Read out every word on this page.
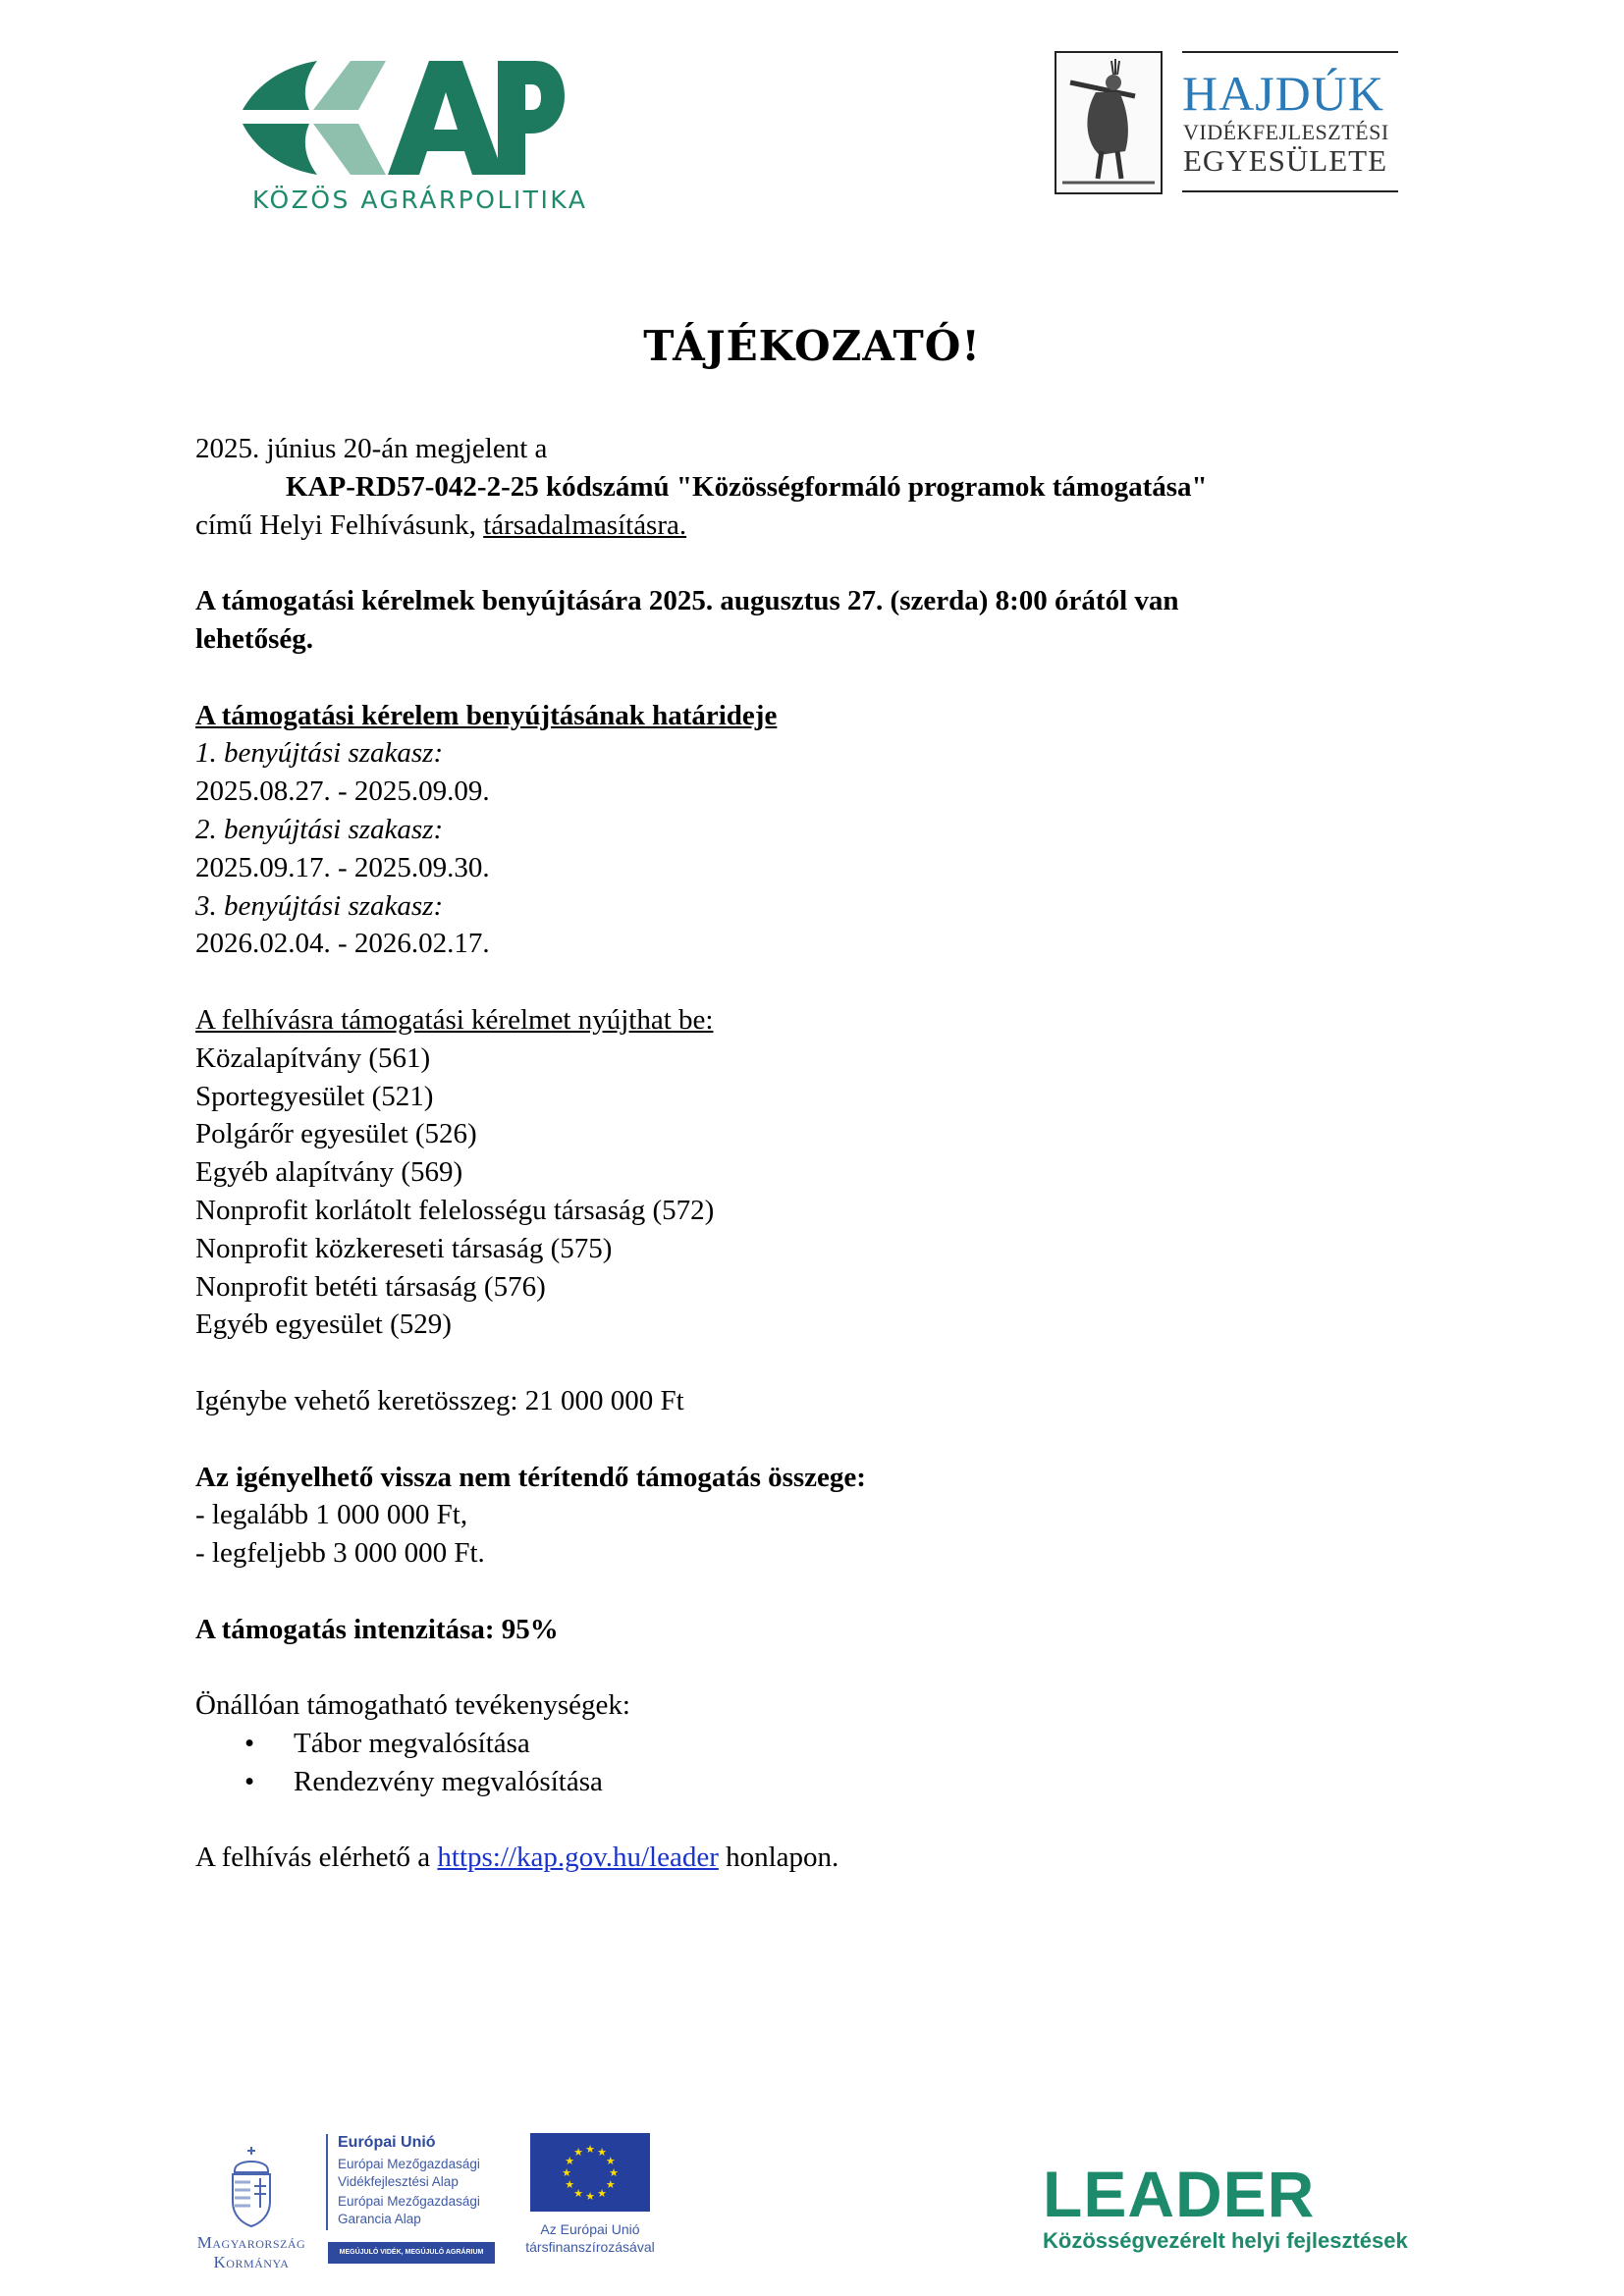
KÖZÖS AGRÁRPOLITIKA
HAJDÚK
VIDÉKFEJLESZTÉSI
EGYESÜLETE
TÁJÉKOZATÓ!

2025. június 20-án megjelent a

KAP-RD57-042-2-25 kódszámú "Közösségformáló programok támogatása"

című Helyi Felhívásunk, társadalmasításra.

A támogatási kérelmek benyújtására 2025. augusztus 27. (szerda) 8:00 órától van

lehetőség.

A támogatási kérelem benyújtásának határideje

1. benyújtási szakasz:

2025.08.27. - 2025.09.09.

2. benyújtási szakasz:

2025.09.17. - 2025.09.30.

3. benyújtási szakasz:

2026.02.04. - 2026.02.17.

A felhívásra támogatási kérelmet nyújthat be:

Közalapítvány (561)

Sportegyesület (521)

Polgárőr egyesület (526)

Egyéb alapítvány (569)

Nonprofit korlátolt felelosségu társaság (572)

Nonprofit közkereseti társaság (575)

Nonprofit betéti társaság (576)

Egyéb egyesület (529)

Igénybe vehető keretösszeg: 21 000 000 Ft

Az igényelhető vissza nem térítendő támogatás összege:

- legalább 1 000 000 Ft,

- legfeljebb 3 000 000 Ft.

A támogatás intenzitása: 95%

Önállóan támogatható tevékenységek:

•	Tábor megvalósítása
•	Rendezvény megvalósítása

A felhívás elérhető a https://kap.gov.hu/leader honlapon.

Magyarország
Kormánya
Európai Unió
Európai Mezőgazdasági
Vidékfejlesztési Alap
Európai Mezőgazdasági
Garancia Alap
MEGÚJULÓ VIDÉK, MEGÚJULÓ AGRÁRIUM
★ ★
★
★
★
★
★
★
★
★
★
★
Az Európai Unió
társfinanszírozásával
LEADER
Közösségvezérelt helyi fejlesztések
